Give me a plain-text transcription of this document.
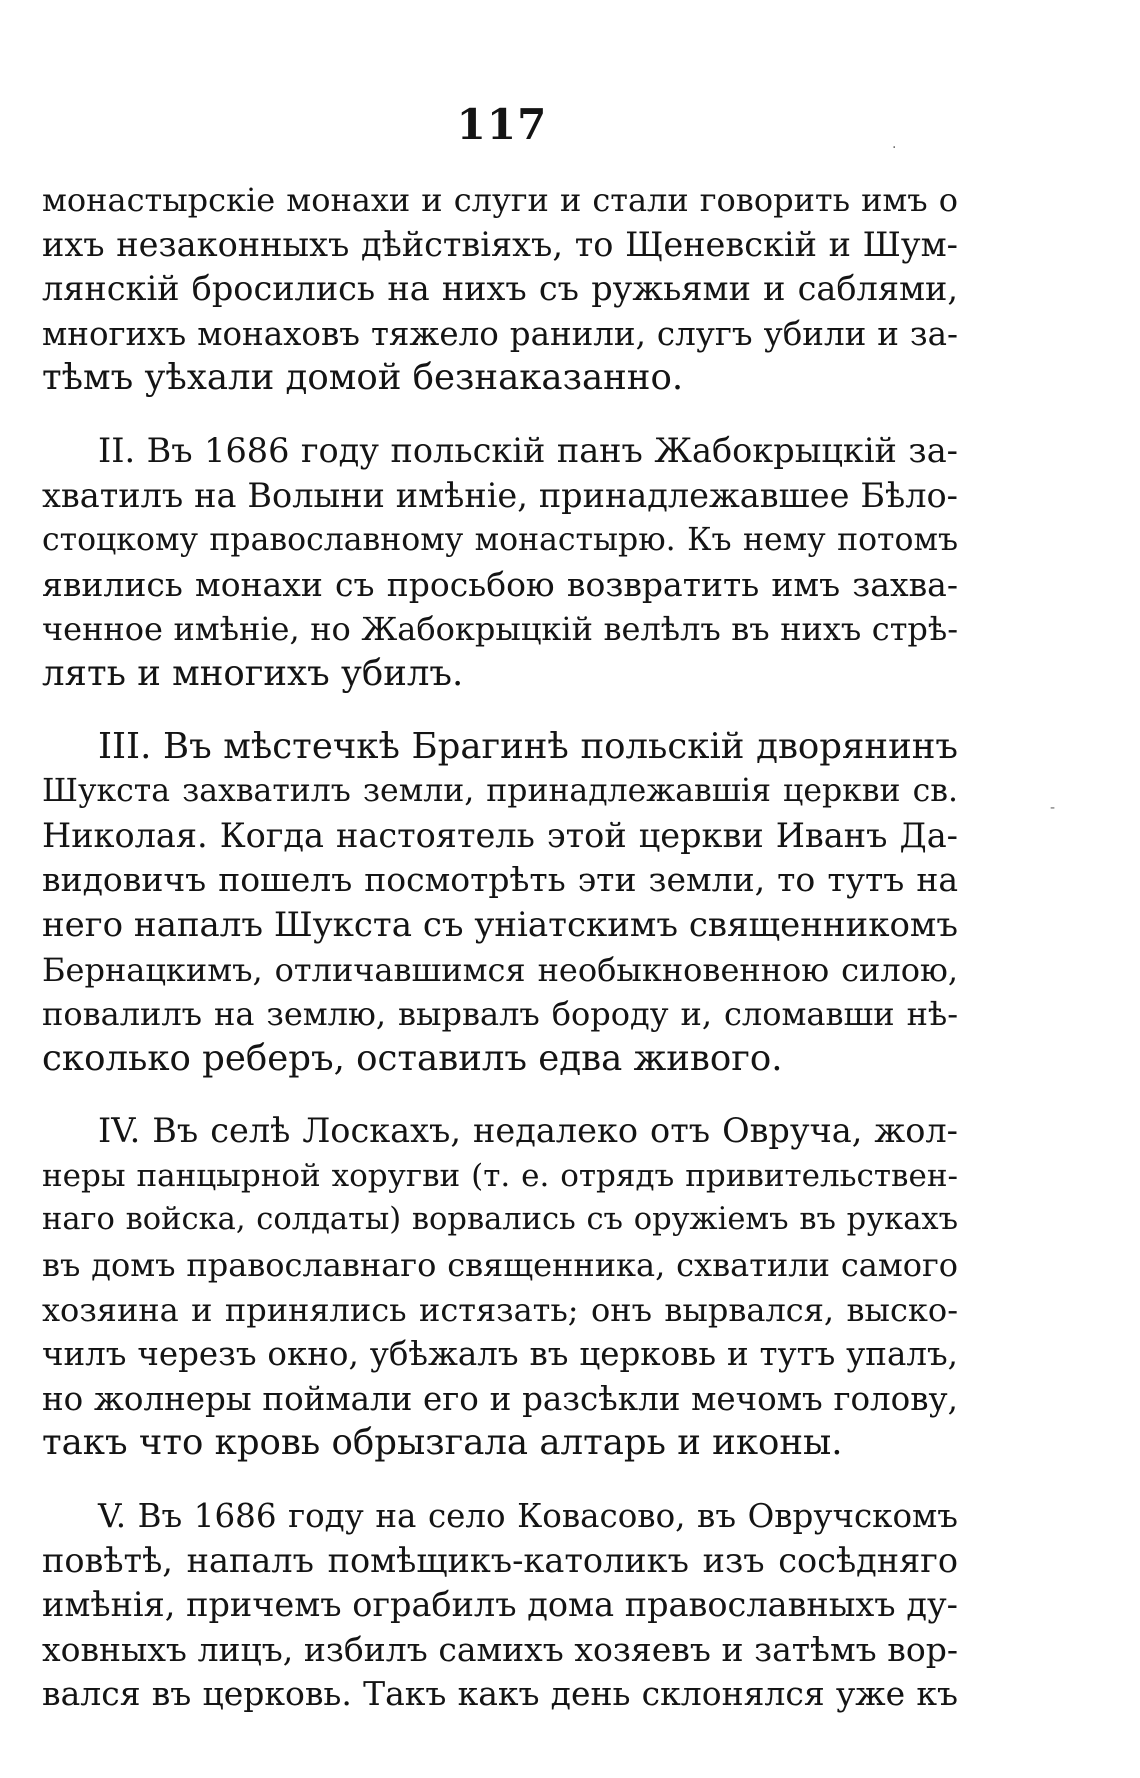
117
монастырскіе монахи и слуги и стали говорить имъ о
ихъ незаконныхъ дѣйствіяхъ, то Щеневскій и Шум-
лянскій бросились на нихъ съ ружьями и саблями,
многихъ монаховъ тяжело ранили, слугъ убили и за-
тѣмъ уѣхали домой безнаказанно.
II. Въ 1686 году польскій панъ Жабокрыцкій за-
хватилъ на Волыни имѣніе, принадлежавшее Бѣло-
стоцкому православному монастырю. Къ нему потомъ
явились монахи съ просьбою возвратить имъ захва-
ченное имѣніе, но Жабокрыцкій велѣлъ въ нихъ стрѣ-
лять и многихъ убилъ.
III. Въ мѣстечкѣ Брагинѣ польскій дворянинъ
Шукста захватилъ земли, принадлежавшія церкви св.
Николая. Когда настоятель этой церкви Иванъ Да-
видовичъ пошелъ посмотрѣть эти земли, то тутъ на
него напалъ Шукста съ уніатскимъ священникомъ
Бернацкимъ, отличавшимся необыкновенною силою,
повалилъ на землю, вырвалъ бороду и, сломавши нѣ-
сколько реберъ, оставилъ едва живого.
IV. Въ селѣ Лоскахъ, недалеко отъ Овруча, жол-
неры панцырной хоругви (т. е. отрядъ привительствен-
наго войска, солдаты) ворвались съ оружіемъ въ рукахъ
въ домъ православнаго священника, схватили самого
хозяина и принялись истязать; онъ вырвался, выско-
чилъ черезъ окно, убѣжалъ въ церковь и тутъ упалъ,
но жолнеры поймали его и разсѣкли мечомъ голову,
такъ что кровь обрызгала алтарь и иконы.
V. Въ 1686 году на село Ковасово, въ Овручскомъ
повѣтѣ, напалъ помѣщикъ-католикъ изъ сосѣдняго
имѣнія, причемъ ограбилъ дома православныхъ ду-
ховныхъ лицъ, избилъ самихъ хозяевъ и затѣмъ вор-
вался въ церковь. Такъ какъ день склонялся уже къ
·
-
